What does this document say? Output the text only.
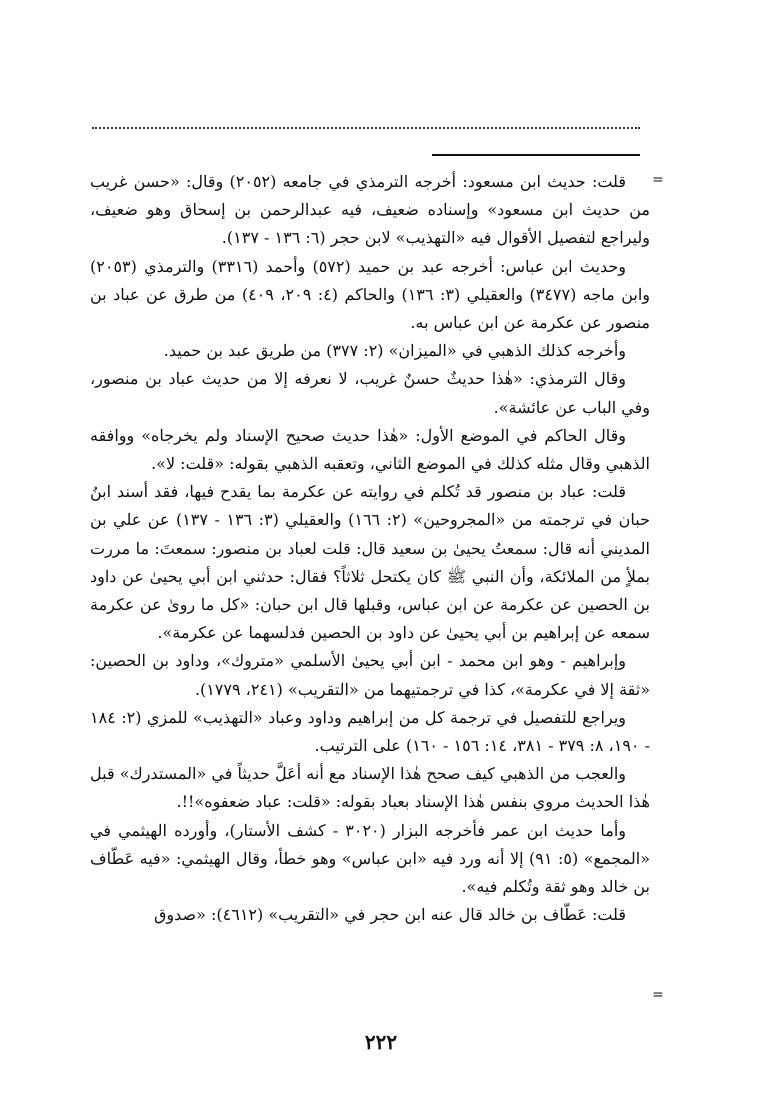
=
=

قلت: حديث ابن مسعود: أخرجه الترمذي في جامعه (٢٠٥٢) وقال: «حسن غريب من حديث ابن مسعود» وإسناده ضعيف، فيه عبدالرحمن بن إسحاق وهو ضعيف، وليراجع لتفصيل الأقوال فيه «التهذيب» لابن حجر (٦: ١٣٦ - ١٣٧).

وحديث ابن عباس: أخرجه عبد بن حميد (٥٧٢) وأحمد (٣٣١٦) والترمذي (٢٠٥٣) وابن ماجه (٣٤٧٧) والعقيلي (٣: ١٣٦) والحاكم (٤: ٢٠٩، ٤٠٩) من طرق عن عباد بن منصور عن عكرمة عن ابن عباس به.

وأخرجه كذلك الذهبي في «الميزان» (٢: ٣٧٧) من طريق عبد بن حميد.

وقال الترمذي: «هٰذا حديثٌ حسنٌ غريب، لا نعرفه إلا من حديث عباد بن منصور، وفي الباب عن عائشة».

وقال الحاكم في الموضع الأول: «هٰذا حديث صحيح الإسناد ولم يخرجاه» ووافقه الذهبي وقال مثله كذلك في الموضع الثاني، وتعقبه الذهبي بقوله: «قلت: لا».

قلت: عباد بن منصور قد تُكلم في روايته عن عكرمة بما يقدح فيها، فقد أسند ابنُ حبان في ترجمته من «المجروحين» (٢: ١٦٦) والعقيلي (٣: ١٣٦ - ١٣٧) عن علي بن المديني أنه قال: سمعتُ يحيىٰ بن سعيد قال: قلت لعباد بن منصور: سمعتَ: ما مررت بملأٍ من الملائكة، وأن النبي ﷺ كان يكتحل ثلاثاً؟ فقال: حدثني ابن أبي يحيىٰ عن داود بن الحصين عن عكرمة عن ابن عباس، وقبلها قال ابن حبان: «كل ما روىٰ عن عكرمة سمعه عن إبراهيم بن أبي يحيىٰ عن داود بن الحصين فدلسهما عن عكرمة».

وإبراهيم - وهو ابن محمد - ابن أبي يحيىٰ الأسلمي «متروك»، وداود بن الحصين: «ثقة إلا في عكرمة»، كذا في ترجمتيهما من «التقريب» (٢٤١، ١٧٧٩).

ويراجع للتفصيل في ترجمة كل من إبراهيم وداود وعباد «التهذيب» للمزي (٢: ١٨٤ - ١٩٠، ٨: ٣٧٩ - ٣٨١، ١٤: ١٥٦ - ١٦٠) على الترتيب.

والعجب من الذهبي كيف صحح هٰذا الإسناد مع أنه أعَلَّ حديثاً في «المستدرك» قبل هٰذا الحديث مروي بنفس هٰذا الإسناد بعباد بقوله: «قلت: عباد ضعفوه»!!.

وأما حديث ابن عمر فأخرجه البزار (٣٠٢٠ - كشف الأستار)، وأورده الهيثمي في «المجمع» (٥: ٩١) إلا أنه ورد فيه «ابن عباس» وهو خطأ، وقال الهيثمي: «فيه عَطّاف بن خالد وهو ثقة وتُكلم فيه».

قلت: عَطّاف بن خالد قال عنه ابن حجر في «التقريب» (٤٦١٢): «صدوق

٢٢٢
